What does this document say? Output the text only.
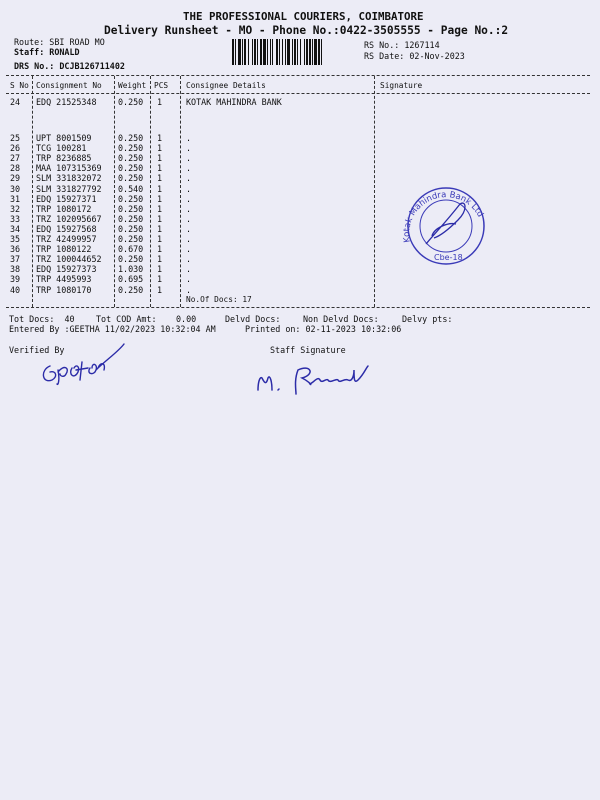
THE PROFESSIONAL COURIERS, COIMBATORE
Delivery Runsheet - MO - Phone No.:0422-3505555 - Page No.:2
Route: SBI ROAD MO
Staff: RONALD
DRS No.: DCJB126711402
RS No.: 1267114
RS Date: 02-Nov-2023
S No Consignment No Weight PCS Consignee Details	Signature
24 EDQ 21525348	0.250 1	KOTAK MAHINDRA BANK
25 UPT 8001509	0.250 1	.
26 TCG 100281	0.250 1	.
27 TRP 8236885	0.250 1	.
28 MAA 107315369 0.250 1	.
29 SLM 331832072 0.250 1	.
30 SLM 331827792 0.540 1	.
31 EDQ 15927371	0.250 1	.
32 TRP 1080172	0.250 1	.
33 TRZ 102095667 0.250 1	.
34 EDQ 15927568	0.250 1	.
35 TRZ 42499957	0.250 1	.
36 TRP 1080122	0.670 1	.
37 TRZ 100044652 0.250 1	.
38 EDQ 15927373	1.030 1	.
39 TRP 4495993	0.695 1	.
40 TRP 1080170	0.250 1	.
No.Of Docs: 17
Tot Docs:  40	Tot COD Amt: 0.00	Delvd Docs:	Non Delvd Docs:	Delvy pts:
Entered By :GEETHA 11/02/2023 10:32:04 AM	Printed on: 02-11-2023 10:32:06
Verified By	Staff Signature
Kotak Mahindra Bank Ltd
Cbe-18
